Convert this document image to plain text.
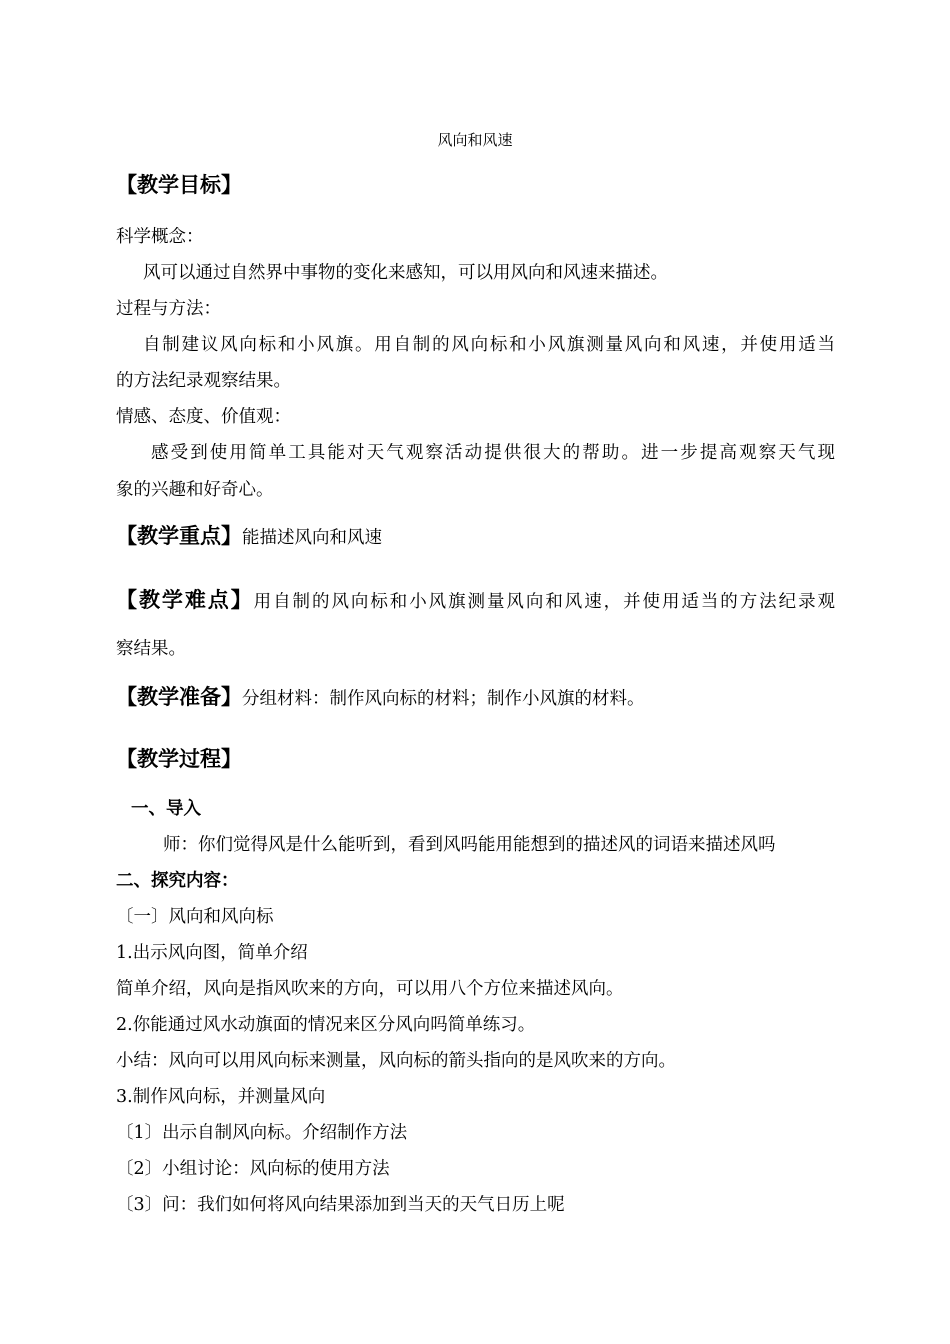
风向和风速
【教学目标】
科学概念：
风可以通过自然界中事物的变化来感知，可以用风向和风速来描述。
过程与方法：
自制建议风向标和小风旗。用自制的风向标和小风旗测量风向和风速，并使用适当
的方法纪录观察结果。
情感、态度、价值观：
感受到使用简单工具能对天气观察活动提供很大的帮助。进一步提高观察天气现
象的兴趣和好奇心。
【教学重点】能描述风向和风速
【教学难点】用自制的风向标和小风旗测量风向和风速，并使用适当的方法纪录观
察结果。
【教学准备】分组材料：制作风向标的材料；制作小风旗的材料。
【教学过程】
一、导入
师：你们觉得风是什么能听到，看到风吗能用能想到的描述风的词语来描述风吗
二、探究内容：
〔一〕风向和风向标
1.出示风向图，简单介绍
简单介绍，风向是指风吹来的方向，可以用八个方位来描述风向。
2.你能通过风水动旗面的情况来区分风向吗简单练习。
小结：风向可以用风向标来测量，风向标的箭头指向的是风吹来的方向。
3.制作风向标，并测量风向
〔1〕出示自制风向标。介绍制作方法
〔2〕小组讨论：风向标的使用方法
〔3〕问：我们如何将风向结果添加到当天的天气日历上呢
